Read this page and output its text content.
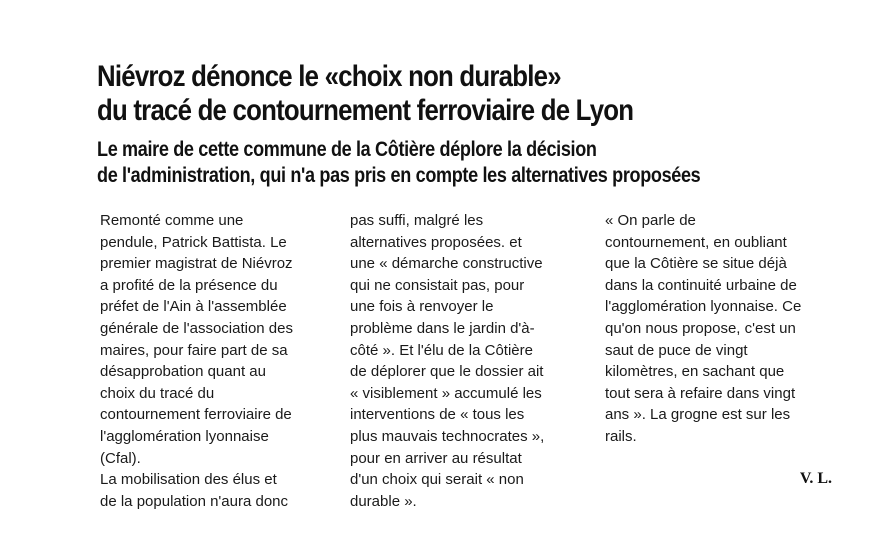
Niévroz dénonce le «choix non durable»
du tracé de contournement ferroviaire de Lyon
Le maire de cette commune de la Côtière déplore la décision
de l'administration, qui n'a pas pris en compte les alternatives proposées
Remonté comme une
pendule, Patrick Battista. Le
premier magistrat de Niévroz
a profité de la présence du
préfet de l'Ain à l'assemblée
générale de l'association des
maires, pour faire part de sa
désapprobation quant au
choix du tracé du
contournement ferroviaire de
l'agglomération lyonnaise
(Cfal).
La mobilisation des élus et
de la population n'aura donc
pas suffi, malgré les
alternatives proposées. et
une « démarche constructive
qui ne consistait pas, pour
une fois à renvoyer le
problème dans le jardin d'à-
côté ». Et l'élu de la Côtière
de déplorer que le dossier ait
« visiblement » accumulé les
interventions de « tous les
plus mauvais technocrates »,
pour en arriver au résultat
d'un choix qui serait « non
durable ».
« On parle de
contournement, en oubliant
que la Côtière se situe déjà
dans la continuité urbaine de
l'agglomération lyonnaise. Ce
qu'on nous propose, c'est un
saut de puce de vingt
kilomètres, en sachant que
tout sera à refaire dans vingt
ans ». La grogne est sur les
rails.
V. L.
